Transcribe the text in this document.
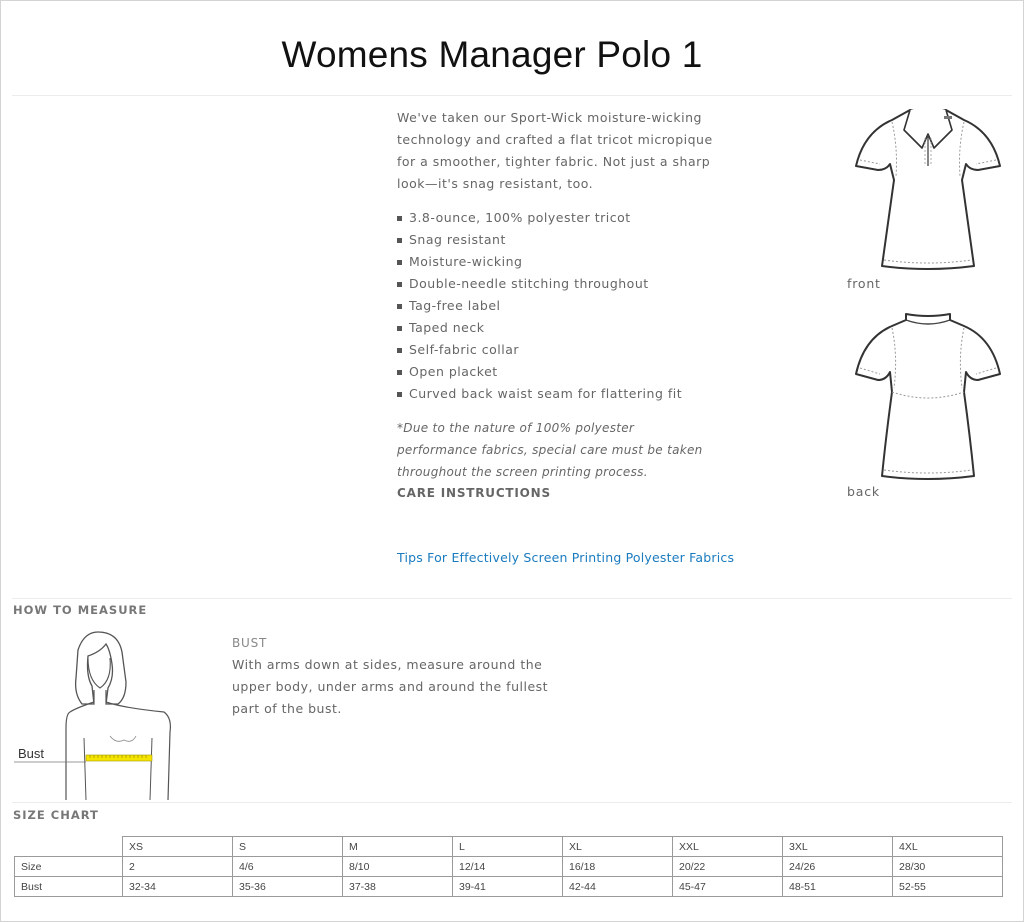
Womens Manager Polo 1
We've taken our Sport-Wick moisture-wicking technology and crafted a flat tricot micropique for a smoother, tighter fabric. Not just a sharp look—it's snag resistant, too.
3.8-ounce, 100% polyester tricot
Snag resistant
Moisture-wicking
Double-needle stitching throughout
Tag-free label
Taped neck
Self-fabric collar
Open placket
Curved back waist seam for flattering fit
*Due to the nature of 100% polyester performance fabrics, special care must be taken throughout the screen printing process.
CARE INSTRUCTIONS
Tips For Effectively Screen Printing Polyester Fabrics
front
back
HOW TO MEASURE
Bust
BUST
With arms down at sides, measure around the upper body, under arms and around the fullest part of the bust.
SIZE CHART
	XS	S	M	L	XL	XXL	3XL	4XL
Size	2	4/6	8/10	12/14	16/18	20/22	24/26	28/30
Bust	32-34	35-36	37-38	39-41	42-44	45-47	48-51	52-55
